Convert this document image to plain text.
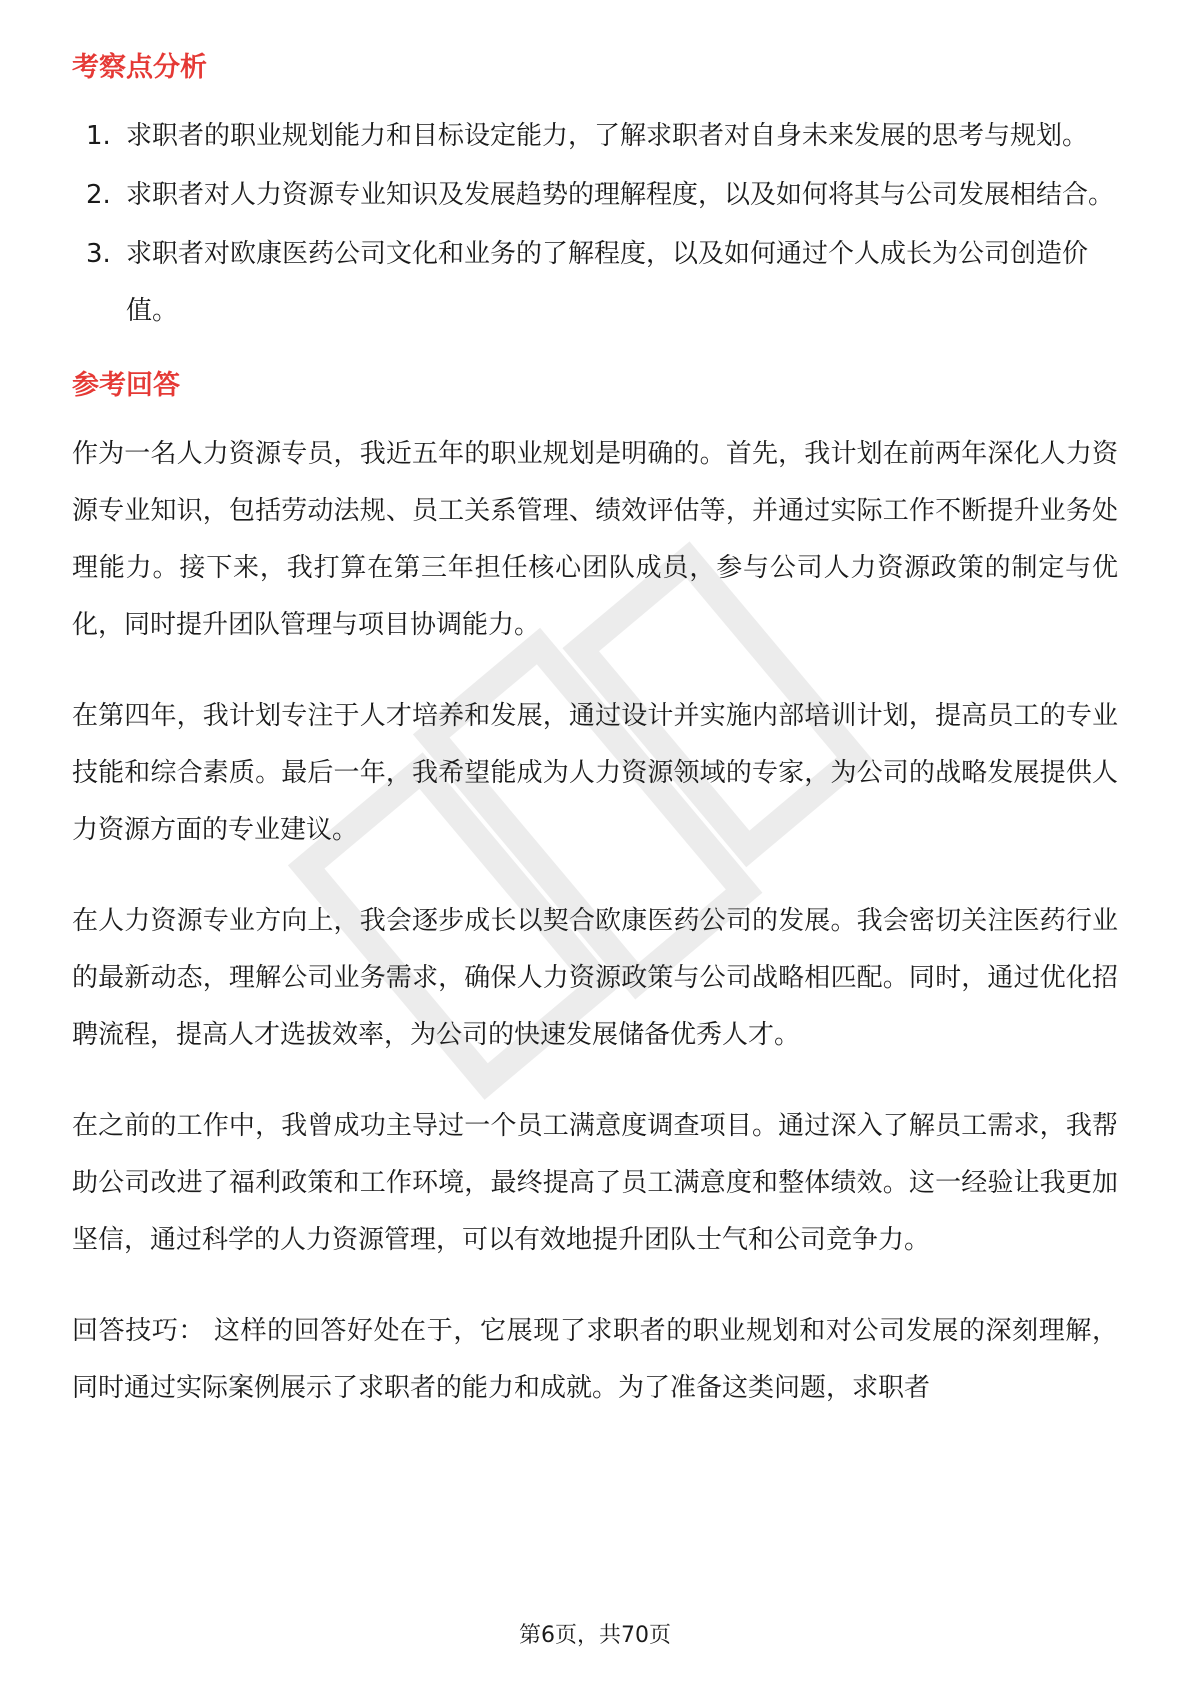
考察点分析
1. 求职者的职业规划能力和目标设定能力，了解求职者对自身未来发展的思考与规划。
2. 求职者对人力资源专业知识及发展趋势的理解程度，以及如何将其与公司发展相结合。
3. 求职者对欧康医药公司文化和业务的了解程度，以及如何通过个人成长为公司创造价值。
参考回答

作为一名人力资源专员，我近五年的职业规划是明确的。首先，我计划在前两年深化人力资源专业知识，包括劳动法规、员工关系管理、绩效评估等，并通过实际工作不断提升业务处理能力。接下来，我打算在第三年担任核心团队成员，参与公司人力资源政策的制定与优化，同时提升团队管理与项目协调能力。

在第四年，我计划专注于人才培养和发展，通过设计并实施内部培训计划，提高员工的专业技能和综合素质。最后一年，我希望能成为人力资源领域的专家，为公司的战略发展提供人力资源方面的专业建议。

在人力资源专业方向上，我会逐步成长以契合欧康医药公司的发展。我会密切关注医药行业的最新动态，理解公司业务需求，确保人力资源政策与公司战略相匹配。同时，通过优化招聘流程，提高人才选拔效率，为公司的快速发展储备优秀人才。

在之前的工作中，我曾成功主导过一个员工满意度调查项目。通过深入了解员工需求，我帮助公司改进了福利政策和工作环境，最终提高了员工满意度和整体绩效。这一经验让我更加坚信，通过科学的人力资源管理，可以有效地提升团队士气和公司竞争力。

回答技巧： 这样的回答好处在于，它展现了求职者的职业规划和对公司发展的深刻理解，同时通过实际案例展示了求职者的能力和成就。为了准备这类问题，求职者

第6页，共70页
